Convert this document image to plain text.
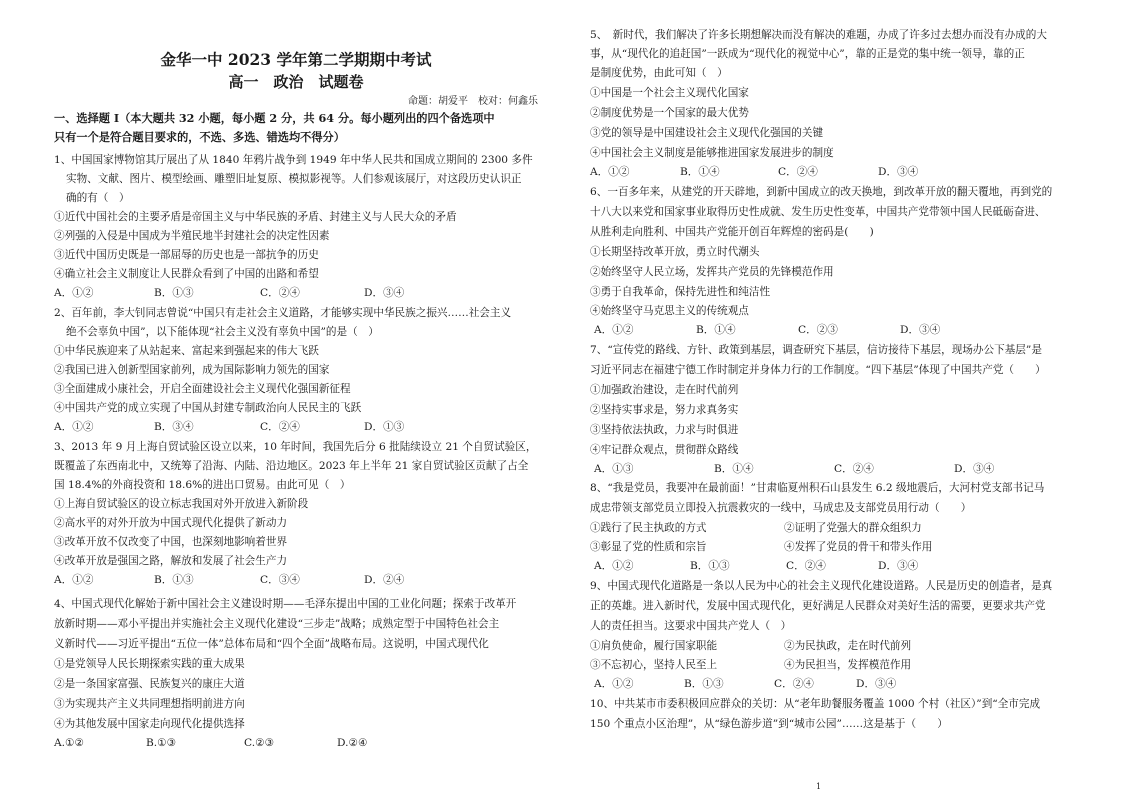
金华一中 2023 学年第二学期期中考试
高一　政治　试题卷
命题：胡爱平　校对：何鑫乐
一、选择题 I（本大题共 32 小题，每小题 2 分，共 64 分。每小题列出的四个备选项中
只有一个是符合题目要求的，不选、多选、错选均不得分）
1、中国国家博物馆其厅展出了从 1840 年鸦片战争到 1949 年中华人民共和国成立期间的 2300 多件
实物、文献、图片、模型绘画、雕塑旧址复原、模拟影视等。人们参观该展厅，对这段历史认识正
确的有（　）
①近代中国社会的主要矛盾是帝国主义与中华民族的矛盾、封建主义与人民大众的矛盾
②列强的入侵是中国成为半殖民地半封建社会的决定性因素
③近代中国历史既是一部屈辱的历史也是一部抗争的历史
④确立社会主义制度让人民群众看到了中国的出路和希望
A．①②	B．①③	C．②④	D．③④
2、百年前，李大钊同志曾说“中国只有走社会主义道路，才能够实现中华民族之振兴……社会主义
绝不会辜负中国”，以下能体现“社会主义没有辜负中国”的是（　）
①中华民族迎来了从站起来、富起来到强起来的伟大飞跃
②我国已进入创新型国家前列，成为国际影响力领先的国家
③全面建成小康社会，开启全面建设社会主义现代化强国新征程
④中国共产党的成立实现了中国从封建专制政治向人民民主的飞跃
A．①②	B．③④	C．②④	D．①③
3、2013 年 9 月上海自贸试验区设立以来，10 年时间，我国先后分 6 批陆续设立 21 个自贸试验区，
既覆盖了东西南北中，又统筹了沿海、内陆、沿边地区。2023 年上半年 21 家自贸试验区贡献了占全
国 18.4%的外商投资和 18.6%的进出口贸易。由此可见（　）
①上海自贸试验区的设立标志我国对外开放进入新阶段
②高水平的对外开放为中国式现代化提供了新动力
③改革开放不仅改变了中国，也深刻地影响着世界
④改革开放是强国之路，解放和发展了社会生产力
A．①②	B．①③	C．③④	D．②④
4、中国式现代化解始于新中国社会主义建设时期——毛泽东提出中国的工业化问题；探索于改革开
放新时期——邓小平提出并实施社会主义现代化建设“三步走”战略；成熟定型于中国特色社会主
义新时代——习近平提出“五位一体”总体布局和“四个全面”战略布局。这说明，中国式现代化
①是党领导人民长期探索实践的重大成果
②是一条国家富强、民族复兴的康庄大道
③为实现共产主义共同理想指明前进方向
④为其他发展中国家走向现代化提供选择
A.①②	B.①③	C.②③	D.②④
5、　新时代，我们解决了许多长期想解决而没有解决的难题，办成了许多过去想办而没有办成的大
事，从“现代化的追赶国”一跃成为“现代化的视觉中心”，靠的正是党的集中统一领导，靠的正
是制度优势，由此可知（　）
①中国是一个社会主义现代化国家
②制度优势是一个国家的最大优势
③党的领导是中国建设社会主义现代化强国的关键
④中国社会主义制度是能够推进国家发展进步的制度
A．①②	B．①④	C．②④	D．③④
6、一百多年来，从建党的开天辟地，到新中国成立的改天换地，到改革开放的翻天覆地，再到党的
十八大以来党和国家事业取得历史性成就、发生历史性变革，中国共产党带领中国人民砥砺奋进、
从胜利走向胜利、中国共产党能开创百年辉煌的密码是(　　)
①长期坚持改革开放，勇立时代潮头
②始终坚守人民立场，发挥共产党员的先锋模范作用
③勇于自我革命，保持先进性和纯洁性
④始终坚守马克思主义的传统观点
A．①②	B．①④	C．②③	D．③④
7、“宣传党的路线、方针、政策到基层，调查研究下基层，信访接待下基层，现场办公下基层”是
习近平同志在福建宁德工作时制定并身体力行的工作制度。“四下基层”体现了中国共产党（　　）
①加强政治建设，走在时代前列
②坚持实事求是，努力求真务实
③坚持依法执政，力求与时俱进
④牢记群众观点，贯彻群众路线
A．①③	B．①④	C．②④	D．③④
8、“我是党员，我要冲在最前面！”甘肃临夏州积石山县发生 6.2 级地震后，大河村党支部书记马
成忠带领支部党员立即投入抗震救灾的一线中，马成忠及支部党员用行动（　　）
①践行了民主执政的方式	②证明了党强大的群众组织力
③彰显了党的性质和宗旨	④发挥了党员的骨干和带头作用
A．①②	B．①③	C．②④	D．③④
9、中国式现代化道路是一条以人民为中心的社会主义现代化建设道路。人民是历史的创造者，是真
正的英雄。进入新时代，发展中国式现代化，更好满足人民群众对美好生活的需要，更要求共产党
人的责任担当。这要求中国共产党人（　）
①肩负使命，履行国家职能	②为民执政，走在时代前列
③不忘初心，坚持人民至上	④为民担当，发挥模范作用
A．①②	B．①③	C．②④	D．③④
10、中共某市市委积极回应群众的关切：从“老年助餐服务覆盖 1000 个村（社区）”到“全市完成
150 个重点小区治理”，从“绿色游步道”到“城市公园”……这是基于（　　）
1
